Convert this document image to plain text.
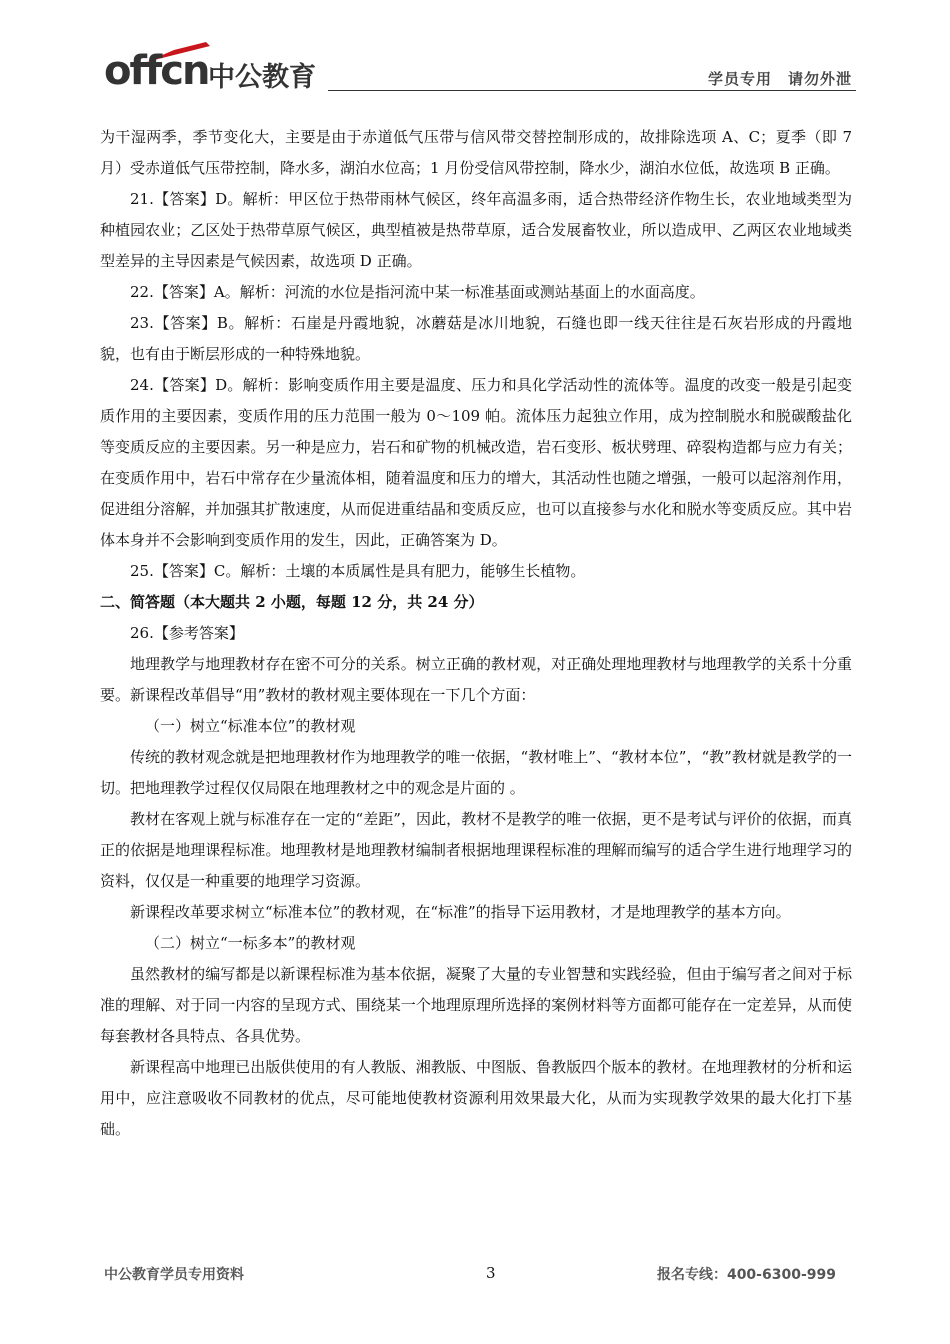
offcn 中公教育	学员专用　请勿外泄

为干湿两季，季节变化大，主要是由于赤道低气压带与信风带交替控制形成的，故排除选项 A、C；夏季（即 7 月）受赤道低气压带控制，降水多，湖泊水位高；1 月份受信风带控制，降水少，湖泊水位低，故选项 B 正确。

21.【答案】D。解析：甲区位于热带雨林气候区，终年高温多雨，适合热带经济作物生长，农业地域类型为种植园农业；乙区处于热带草原气候区，典型植被是热带草原，适合发展畜牧业，所以造成甲、乙两区农业地域类型差异的主导因素是气候因素，故选项 D 正确。

22.【答案】A。解析：河流的水位是指河流中某一标准基面或测站基面上的水面高度。

23.【答案】B。解析：石崖是丹霞地貌，冰蘑菇是冰川地貌，石缝也即一线天往往是石灰岩形成的丹霞地貌，也有由于断层形成的一种特殊地貌。

24.【答案】D。解析：影响变质作用主要是温度、压力和具化学活动性的流体等。温度的改变一般是引起变质作用的主要因素，变质作用的压力范围一般为 0～109 帕。流体压力起独立作用，成为控制脱水和脱碳酸盐化等变质反应的主要因素。另一种是应力，岩石和矿物的机械改造，岩石变形、板状劈理、碎裂构造都与应力有关；在变质作用中，岩石中常存在少量流体相，随着温度和压力的增大，其活动性也随之增强，一般可以起溶剂作用，促进组分溶解，并加强其扩散速度，从而促进重结晶和变质反应，也可以直接参与水化和脱水等变质反应。其中岩体本身并不会影响到变质作用的发生，因此，正确答案为 D。

25.【答案】C。解析：土壤的本质属性是具有肥力，能够生长植物。

二、简答题（本大题共 2 小题，每题 12 分，共 24 分）

26.【参考答案】

地理教学与地理教材存在密不可分的关系。树立正确的教材观，对正确处理地理教材与地理教学的关系十分重要。新课程改革倡导“用”教材的教材观主要体现在一下几个方面：

（一）树立“标准本位”的教材观

传统的教材观念就是把地理教材作为地理教学的唯一依据，“教材唯上”、“教材本位”，“教”教材就是教学的一切。把地理教学过程仅仅局限在地理教材之中的观念是片面的 。

教材在客观上就与标准存在一定的“差距”，因此，教材不是教学的唯一依据，更不是考试与评价的依据，而真正的依据是地理课程标准。地理教材是地理教材编制者根据地理课程标准的理解而编写的适合学生进行地理学习的资料，仅仅是一种重要的地理学习资源。

新课程改革要求树立“标准本位”的教材观，在“标准”的指导下运用教材，才是地理教学的基本方向。

（二）树立“一标多本”的教材观

虽然教材的编写都是以新课程标准为基本依据，凝聚了大量的专业智慧和实践经验，但由于编写者之间对于标准的理解、对于同一内容的呈现方式、围绕某一个地理原理所选择的案例材料等方面都可能存在一定差异，从而使每套教材各具特点、各具优势。

新课程高中地理已出版供使用的有人教版、湘教版、中图版、鲁教版四个版本的教材。在地理教材的分析和运用中，应注意吸收不同教材的优点，尽可能地使教材资源利用效果最大化，从而为实现教学效果的最大化打下基础。

中公教育学员专用资料	3	报名专线：400-6300-999
